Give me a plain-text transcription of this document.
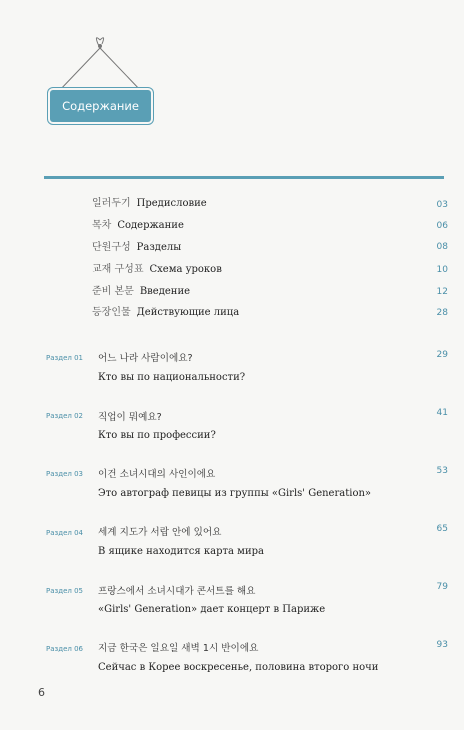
Содержание
일러두기 Предисловие	03
목차 Содержание	06
단원구성 Разделы	08
교재 구성표 Схема уроков	10
준비 본문 Введение	12
등장인물 Действующие лица	28
Раздел 01 어느 나라 사람이에요?
Кто вы по национальности?
29
Раздел 02 직업이 뭐예요?
Кто вы по профессии?
41
Раздел 03 이건 소녀시대의 사인이에요
Это автограф певицы из группы «Girls' Generation»
53
Раздел 04 세계 지도가 서랍 안에 있어요
В ящике находится карта мира
65
Раздел 05 프랑스에서 소녀시대가 콘서트를 해요
«Girls' Generation» дает концерт в Париже
79
Раздел 06 지금 한국은 일요일 새벽 1시 반이에요
Сейчас в Корее воскресенье, половина второго ночи
93
6
